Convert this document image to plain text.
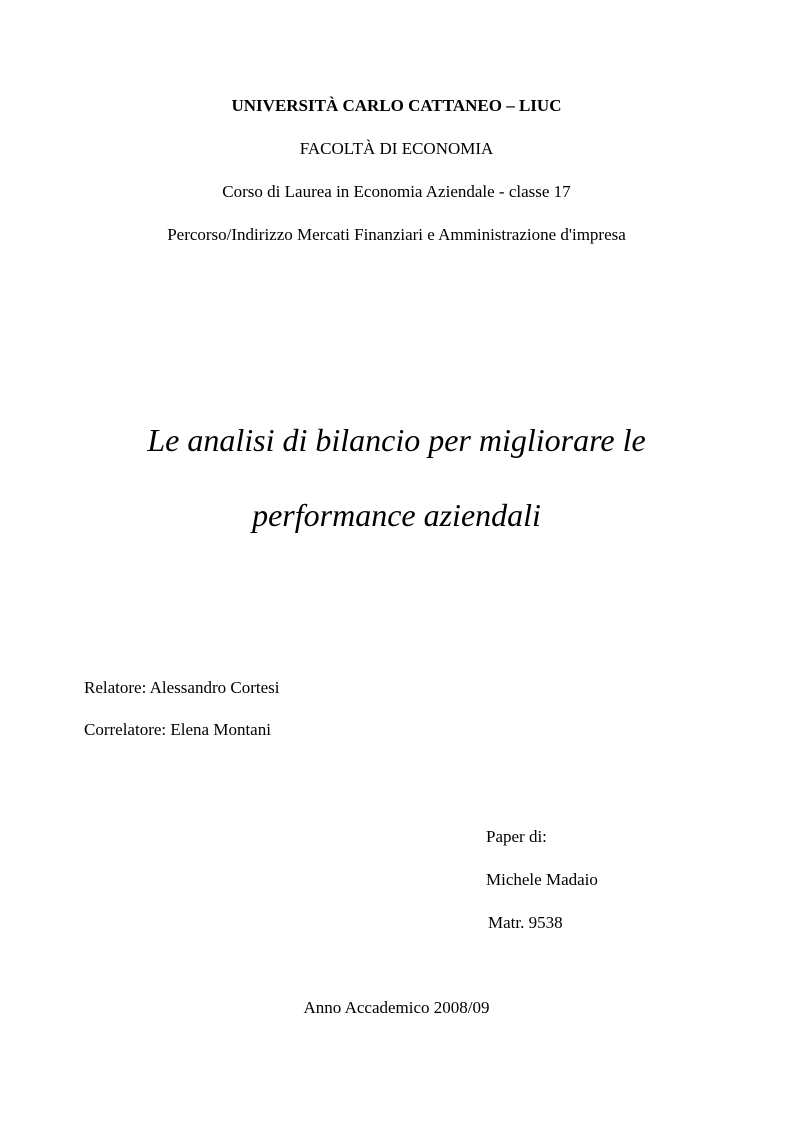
UNIVERSITÀ CARLO CATTANEO – LIUC
FACOLTÀ DI ECONOMIA
Corso di Laurea in Economia Aziendale - classe 17
Percorso/Indirizzo Mercati Finanziari e Amministrazione d'impresa
Le analisi di bilancio per migliorare le
performance aziendali
Relatore: Alessandro Cortesi
Correlatore: Elena Montani
Paper di:
Michele Madaio
Matr. 9538
Anno Accademico 2008/09
